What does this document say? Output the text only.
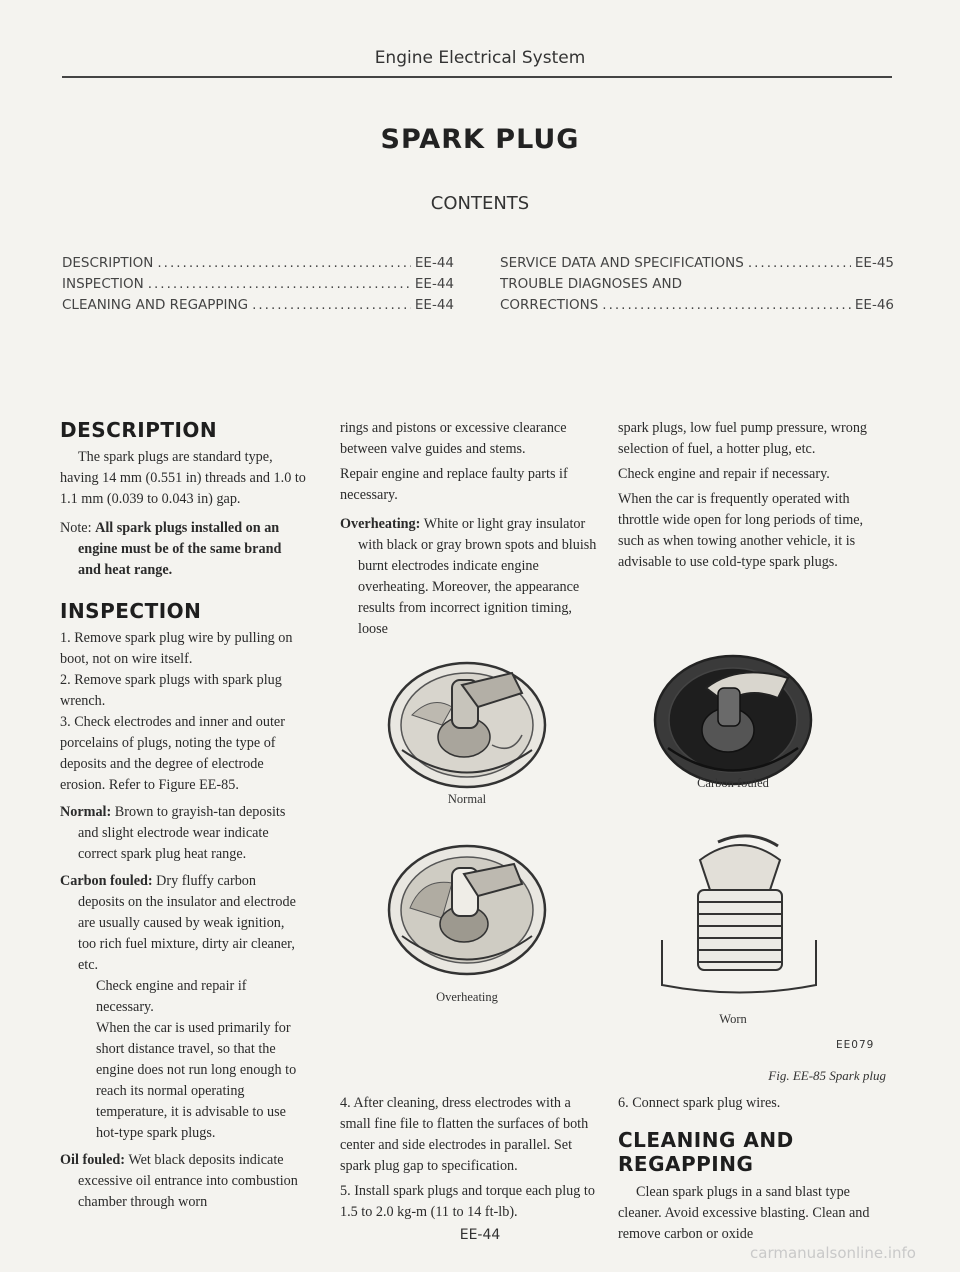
Engine Electrical System
SPARK PLUG
CONTENTS
DESCRIPTION .....	EE-44
INSPECTION .....	EE-44
CLEANING AND REGAPPING .....	EE-44
SERVICE DATA AND SPECIFICATIONS .....	EE-45
TROUBLE DIAGNOSES AND
CORRECTIONS .....	EE-46
DESCRIPTION

The spark plugs are standard type, having 14 mm (0.551 in) threads and 1.0 to 1.1 mm (0.039 to 0.043 in) gap.

Note: All spark plugs installed on an engine must be of the same brand and heat range.

INSPECTION

1. Remove spark plug wire by pulling on boot, not on wire itself.

2. Remove spark plugs with spark plug wrench.

3. Check electrodes and inner and outer porcelains of plugs, noting the type of deposits and the degree of electrode erosion. Refer to Figure EE-85.

Normal: Brown to grayish-tan deposits and slight electrode wear indicate correct spark plug heat range.

Carbon fouled: Dry fluffy carbon deposits on the insulator and electrode are usually caused by weak ignition, too rich fuel mixture, dirty air cleaner, etc.
Check engine and repair if necessary.
When the car is used primarily for short distance travel, so that the engine does not run long enough to reach its normal operating temperature, it is advisable to use hot-type spark plugs.

Oil fouled: Wet black deposits indicate excessive oil entrance into combustion chamber through worn

rings and pistons or excessive clearance between valve guides and stems.

Repair engine and replace faulty parts if necessary.

Overheating: White or light gray insulator with black or gray brown spots and bluish burnt electrodes indicate engine overheating. Moreover, the appearance results from incorrect ignition timing, loose

spark plugs, low fuel pump pressure, wrong selection of fuel, a hotter plug, etc.

Check engine and repair if necessary.

When the car is frequently operated with throttle wide open for long periods of time, such as when towing another vehicle, it is advisable to use cold-type spark plugs.

Normal
Carbon fouled
Overheating
Worn
EE079
Fig. EE-85 Spark plug

4. After cleaning, dress electrodes with a small fine file to flatten the surfaces of both center and side electrodes in parallel. Set spark plug gap to specification.

5. Install spark plugs and torque each plug to 1.5 to 2.0 kg-m (11 to 14 ft-lb).

6. Connect spark plug wires.

CLEANING AND
REGAPPING

Clean spark plugs in a sand blast type cleaner. Avoid excessive blasting. Clean and remove carbon or oxide

EE-44
carmanualsonline.info
